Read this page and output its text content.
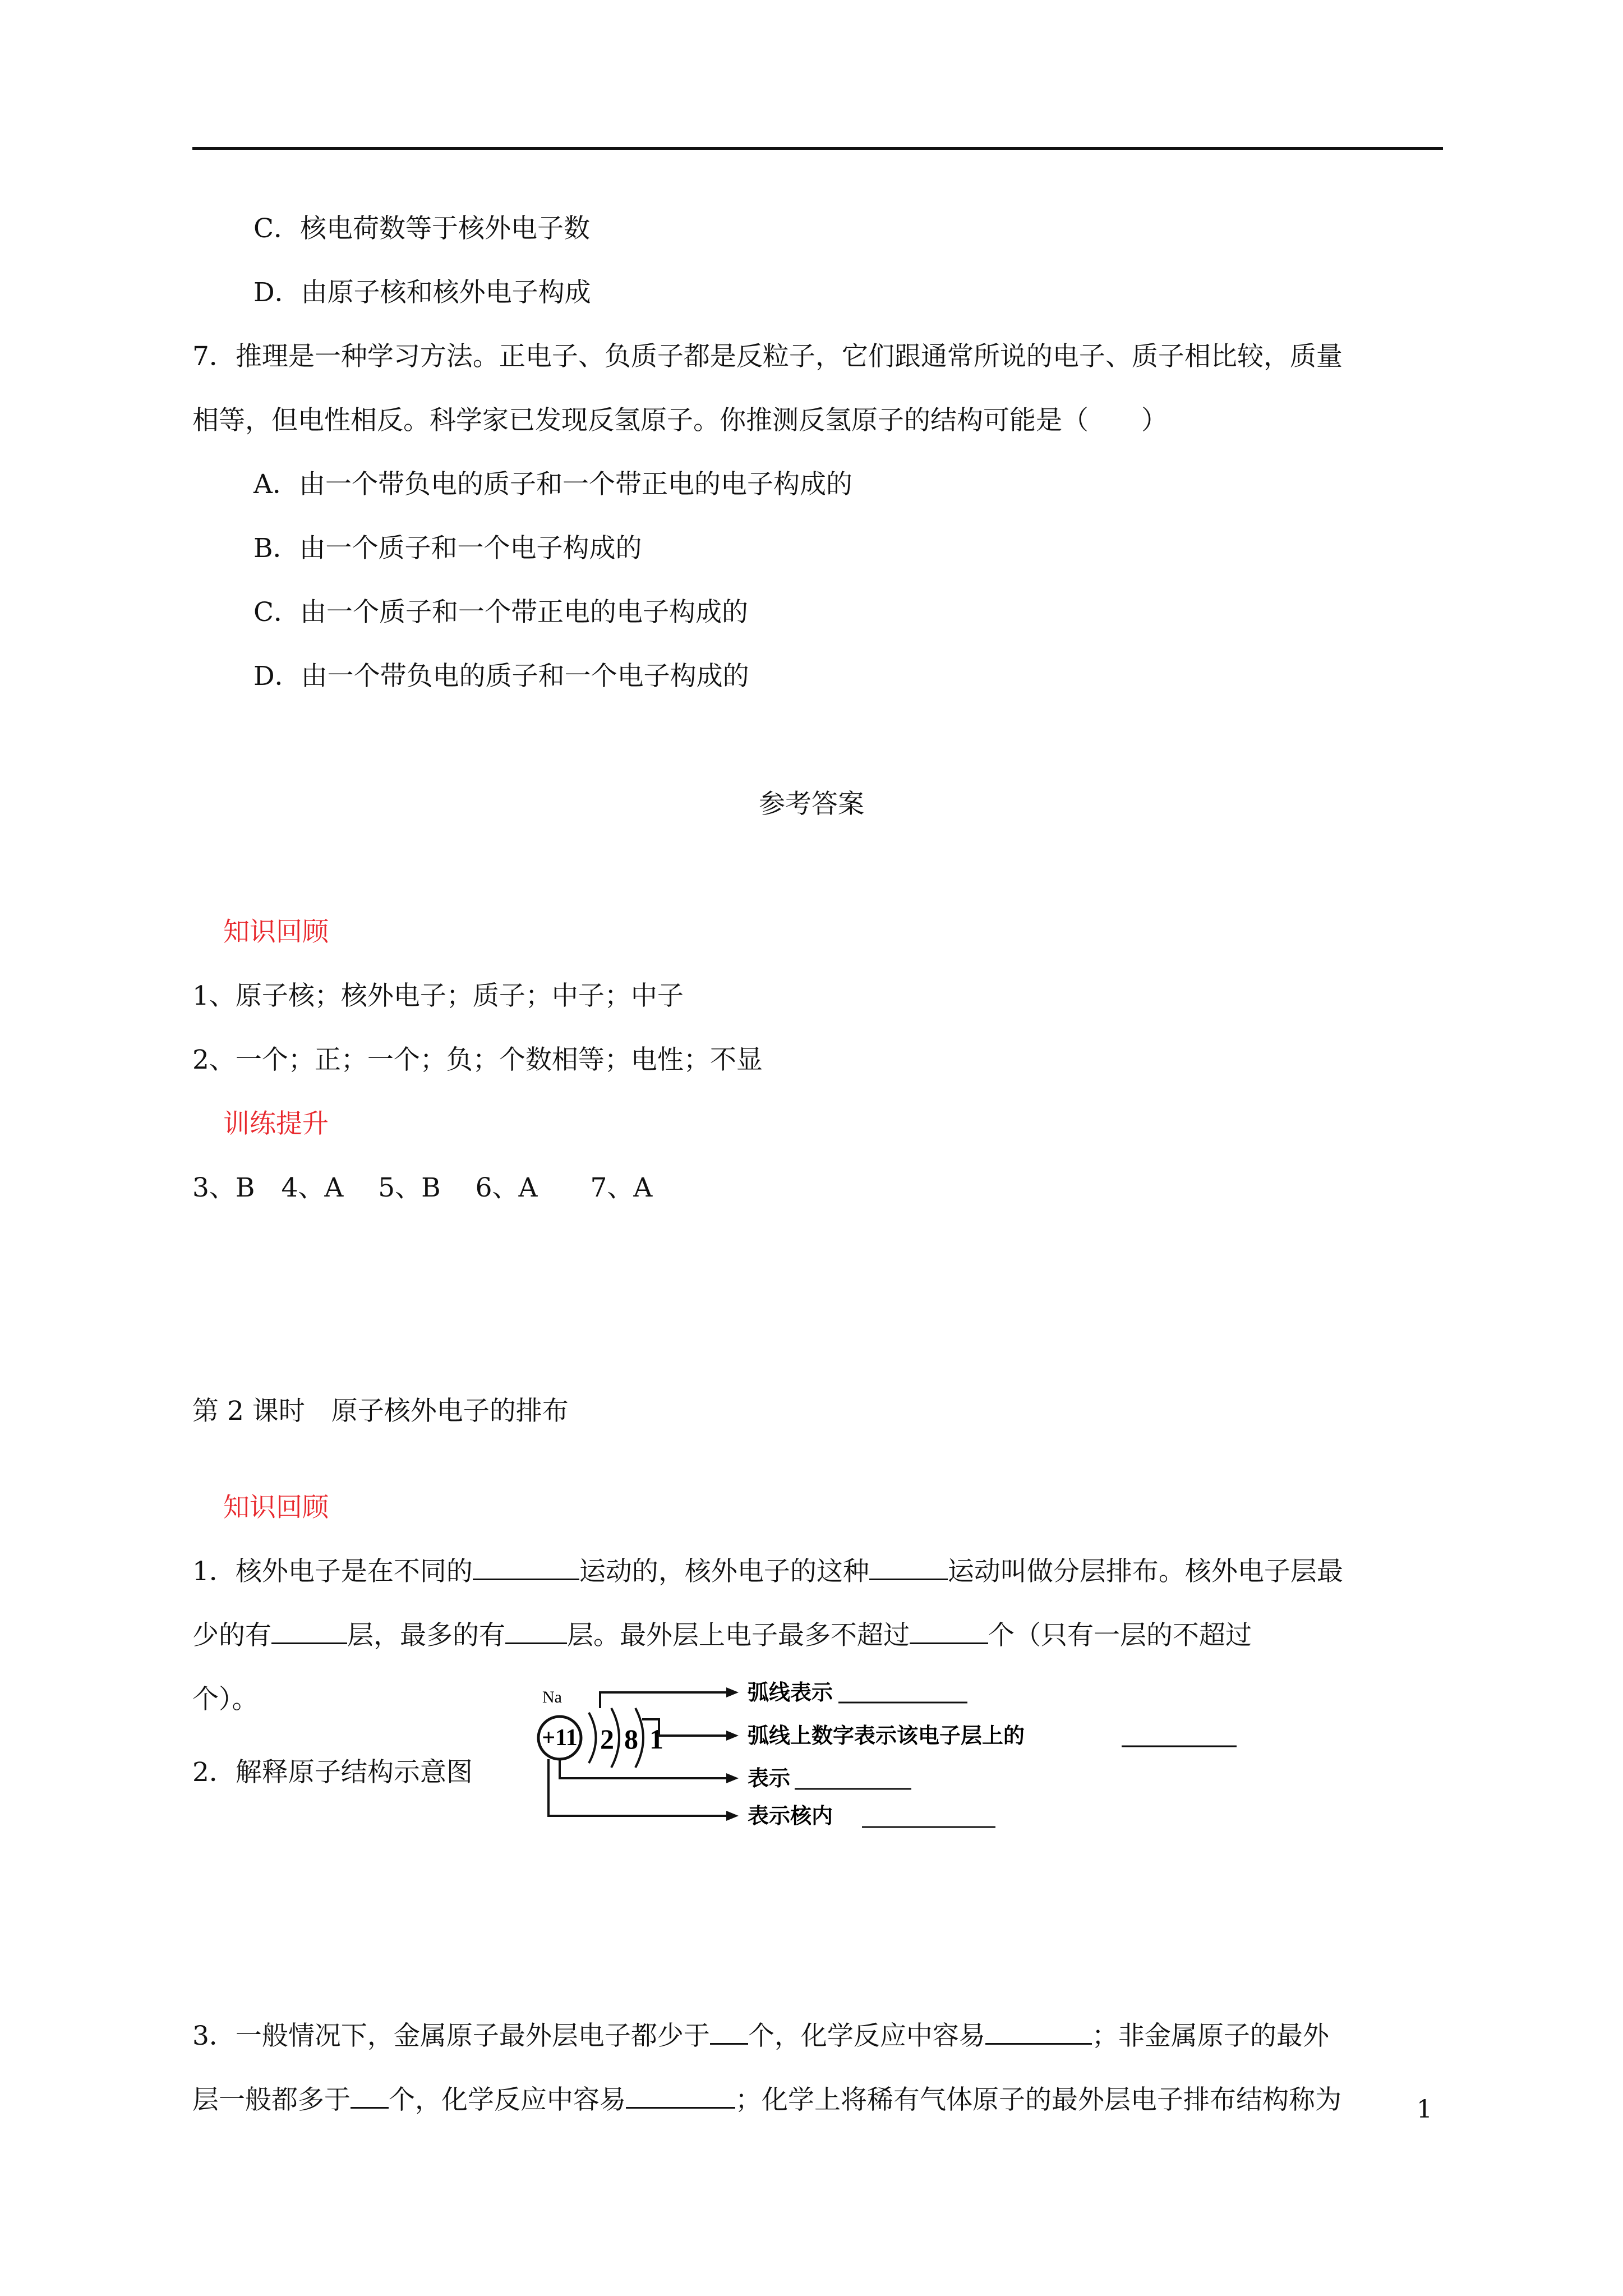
C．核电荷数等于核外电子数
D．由原子核和核外电子构成
7．推理是一种学习方法。正电子、负质子都是反粒子，它们跟通常所说的电子、质子相比较，质量
相等，但电性相反。科学家已发现反氢原子。你推测反氢原子的结构可能是（　　）
A．由一个带负电的质子和一个带正电的电子构成的
B．由一个质子和一个电子构成的
C．由一个质子和一个带正电的电子构成的
D．由一个带负电的质子和一个电子构成的
参考答案
知识回顾
1、原子核；核外电子；质子；中子；中子
2、一个；正；一个；负；个数相等；电性；不显
训练提升
3、B　4、A　 5、B　 6、A　　7、A
第 2 课时　原子核外电子的排布
知识回顾
1．核外电子是在不同的	运动的，核外电子的这种	运动叫做分层排布。核外电子层最
少的有	层，最多的有 层。最外层上电子最多不超过	个（只有一层的不超过
个）。
2．解释原子结构示意图
Na
+11 2 8 1
弧线表示
弧线上数字表示该电子层上的
表示
表示核内
3．一般情况下，金属原子最外层电子都少于 个，化学反应中容易	；非金属原子的最外
层一般都多于 个，化学反应中容易	；化学上将稀有气体原子的最外层电子排布结构称为	1
